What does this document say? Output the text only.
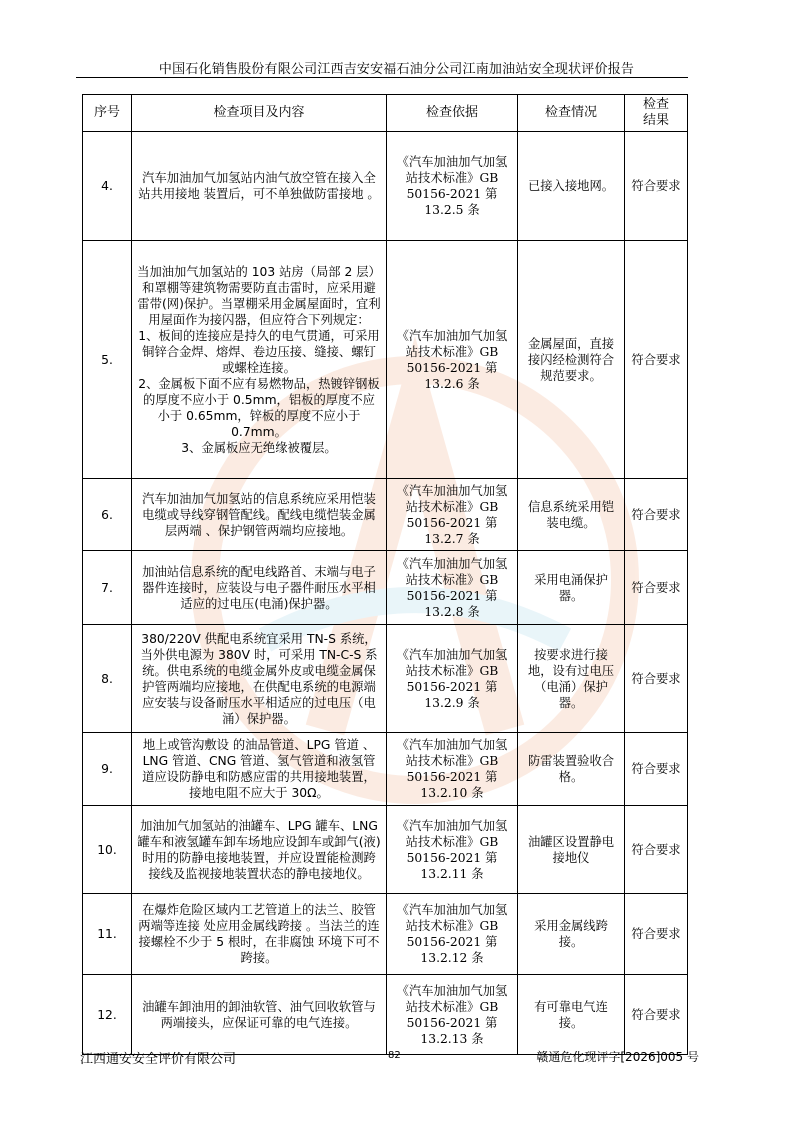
中国石化销售股份有限公司江西吉安安福石油分公司江南加油站安全现状评价报告
序号	检查项目及内容	检查依据	检查情况	检查结果
4.	汽车加油加气加氢站内油气放空管在接入全站共用接地 装置后，可不单独做防雷接地 。	《汽车加油加气加氢站技术标准》GB 50156-2021 第 13.2.5 条	已接入接地网。	符合要求
5.	当加油加气加氢站的 103 站房（局部 2 层）和罩棚等建筑物需要防直击雷时，应采用避雷带(网)保护。当罩棚采用金属屋面时，宜利用屋面作为接闪器，但应符合下列规定：
1、板间的连接应是持久的电气贯通，可采用铜锌合金焊、熔焊、卷边压接、缝接、螺钉或螺栓连接。
2、金属板下面不应有易燃物品，热镀锌钢板的厚度不应小于 0.5mm，铝板的厚度不应小于 0.65mm，锌板的厚度不应小于 0.7mm。
3、金属板应无绝缘被覆层。	《汽车加油加气加氢站技术标准》GB 50156-2021 第 13.2.6 条	金属屋面，直接接闪经检测符合规范要求。	符合要求
6.	汽车加油加气加氢站的信息系统应采用恺装电缆或导线穿钢管配线。配线电缆恺装金属层两端 、保护钢管两端均应接地。	《汽车加油加气加氢站技术标准》GB 50156-2021 第 13.2.7 条	信息系统采用铠装电缆。	符合要求
7.	加油站信息系统的配电线路首、末端与电子器件连接时，应装设与电子器件耐压水平相适应的过电压(电涌)保护器。	《汽车加油加气加氢站技术标准》GB 50156-2021 第 13.2.8 条	采用电涌保护器。	符合要求
8.	380/220V 供配电系统宜采用 TN-S 系统，当外供电源为 380V 时，可采用 TN-C-S 系统。供电系统的电缆金属外皮或电缆金属保护管两端均应接地，在供配电系统的电源端应安装与设备耐压水平相适应的过电压（电涌）保护器。	《汽车加油加气加氢站技术标准》GB 50156-2021 第 13.2.9 条	按要求进行接地，设有过电压（电涌）保护器。	符合要求
9.	地上或管沟敷设 的油品管道、LPG 管道 、LNG 管道、CNG 管道、氢气管道和液氢管道应设防静电和防感应雷的共用接地装置，接地电阻不应大于 30Ω。	《汽车加油加气加氢站技术标准》GB 50156-2021 第 13.2.10 条	防雷装置验收合格。	符合要求
10.	加油加气加氢站的油罐车、LPG 罐车、LNG 罐车和液氢罐车卸车场地应设卸车或卸气(液)时用的防静电接地装置，并应设置能检测跨接线及监视接地装置状态的静电接地仪。	《汽车加油加气加氢站技术标准》GB 50156-2021 第 13.2.11 条	油罐区设置静电接地仪	符合要求
11.	在爆炸危险区域内工艺管道上的法兰、胶管两端等连接 处应用金属线跨接 。当法兰的连接螺栓不少于 5 根时，在非腐蚀 环境下可不跨接。	《汽车加油加气加氢站技术标准》GB 50156-2021 第 13.2.12 条	采用金属线跨接。	符合要求
12.	油罐车卸油用的卸油软管、油气回收软管与两端接头，应保证可靠的电气连接。	《汽车加油加气加氢站技术标准》GB 50156-2021 第 13.2.13 条	有可靠电气连接。	符合要求
江西通安安全评价有限公司	82	赣通危化现评字[2026]005 号
